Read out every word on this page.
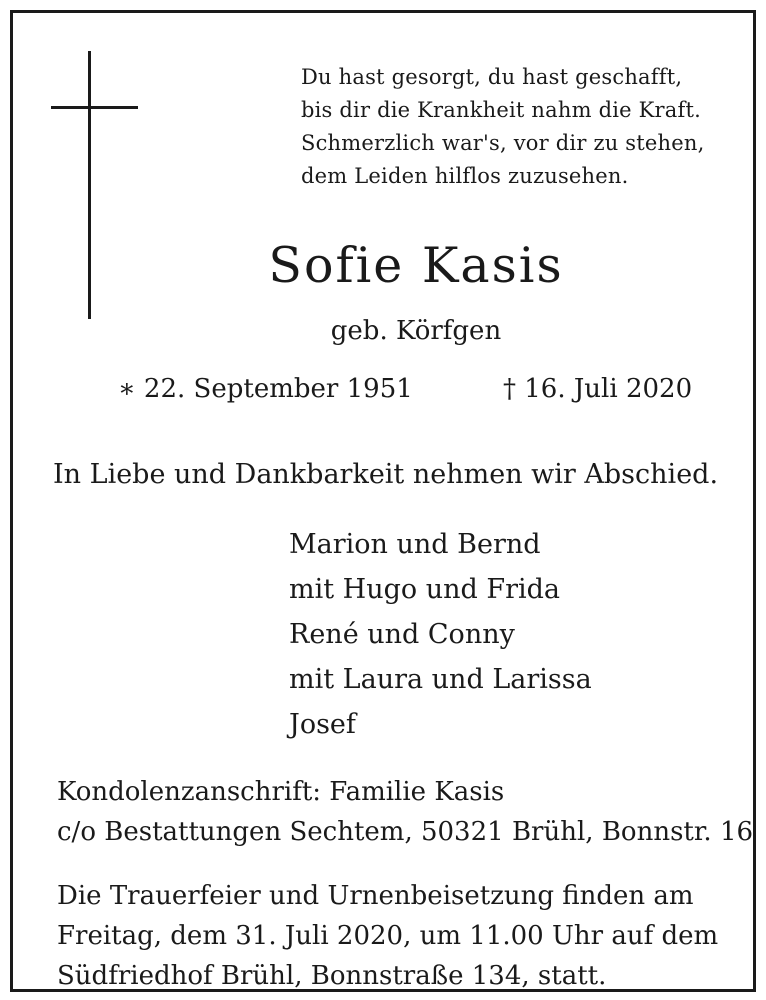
Du hast gesorgt, du hast geschafft,
bis dir die Krankheit nahm die Kraft.
Schmerzlich war's, vor dir zu stehen,
dem Leiden hilflos zuzusehen.
Sofie Kasis
geb. Körfgen
∗ 22. September 1951	† 16. Juli 2020
In Liebe und Dankbarkeit nehmen wir Abschied.
Marion und Bernd
mit Hugo und Frida
René und Conny
mit Laura und Larissa
Josef
Kondolenzanschrift: Familie Kasis
c/o Bestattungen Sechtem, 50321 Brühl, Bonnstr. 16
Die Trauerfeier und Urnenbeisetzung finden am
Freitag, dem 31. Juli 2020, um 11.00 Uhr auf dem
Südfriedhof Brühl, Bonnstraße 134, statt.
